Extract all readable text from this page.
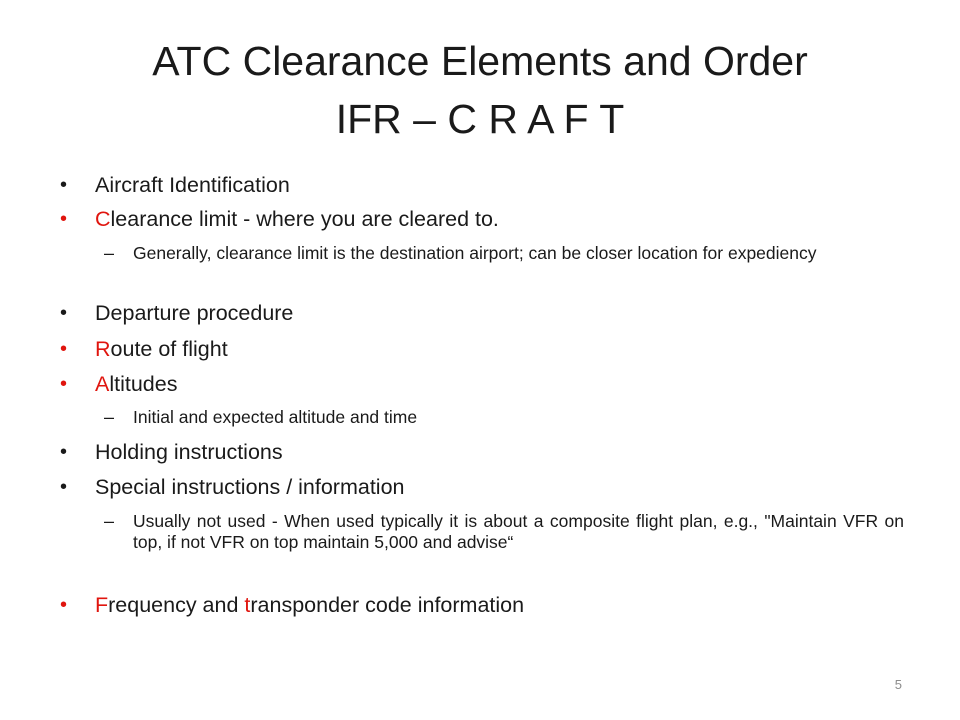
ATC Clearance Elements and Order
IFR – C R A F T
• Aircraft Identification
• Clearance limit - where you are cleared to.
– Generally, clearance limit is the destination airport; can be closer location for expediency
• Departure procedure
• Route of flight
• Altitudes
– Initial and expected altitude and time
• Holding instructions
• Special instructions / information
– Usually not used - When used typically it is about a composite flight plan, e.g., "Maintain VFR on top, if not VFR on top maintain 5,000 and advise“
• Frequency and transponder code information
5
